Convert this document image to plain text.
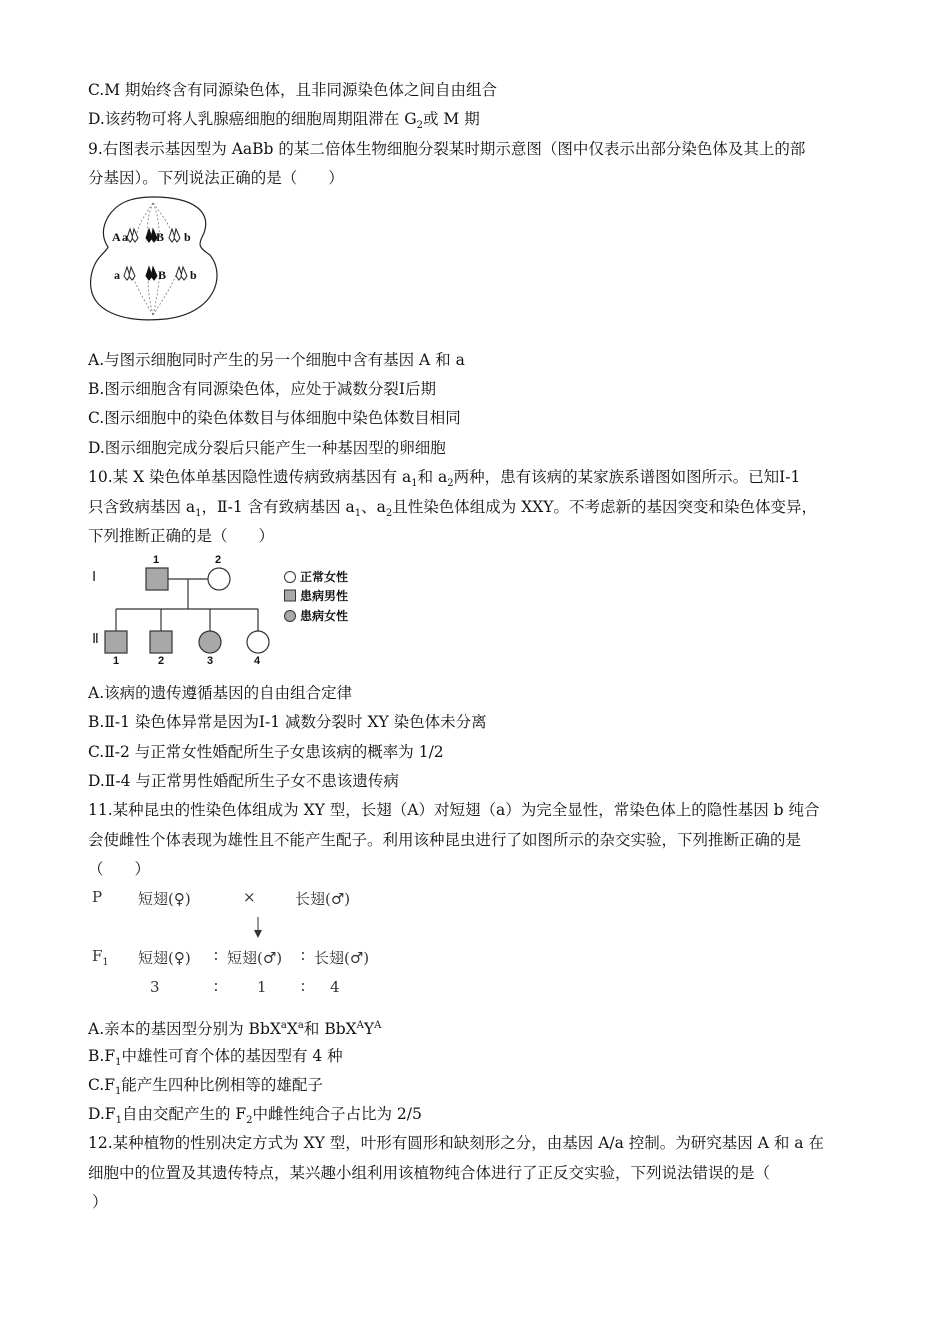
C.M 期始终含有同源染色体，且非同源染色体之间自由组合
D.该药物可将人乳腺癌细胞的细胞周期阻滞在 $G_2$或 M 期
9.右图表示基因型为 AaBb 的某二倍体生物细胞分裂某时期示意图（图中仅表示出部分染色体及其上的部
分基因）。下列说法正确的是（　　）
A a B b
a	B b
A.与图示细胞同时产生的另一个细胞中含有基因 A 和 a
B.图示细胞含有同源染色体，应处于减数分裂Ⅰ后期
C.图示细胞中的染色体数目与体细胞中染色体数目相同
D.图示细胞完成分裂后只能产生一种基因型的卵细胞
10.某 X 染色体单基因隐性遗传病致病基因有 $a_1$和 $a_2$两种，患有该病的某家族系谱图如图所示。已知Ⅰ-1
只含致病基因 $a_1$，Ⅱ-1 含有致病基因 $a_1$、$a_2$且性染色体组成为 XXY。不考虑新的基因突变和染色体变异，
下列推断正确的是（　　）
Ⅰ
Ⅱ
1	2
1	2	3	4
正常女性
患病男性
患病女性
A.该病的遗传遵循基因的自由组合定律
B.Ⅱ-1 染色体异常是因为Ⅰ-1 减数分裂时 XY 染色体未分离
C.Ⅱ-2 与正常女性婚配所生子女患该病的概率为 1/2
D.Ⅱ-4 与正常男性婚配所生子女不患该遗传病
11.某种昆虫的性染色体组成为 XY 型，长翅（A）对短翅（a）为完全显性，常染色体上的隐性基因 b 纯合
会使雌性个体表现为雄性且不能产生配子。利用该种昆虫进行了如图所示的杂交实验，下列推断正确的是
（　　）
P 短翅(♀)	×	长翅(♂)
$F_1$ 短翅(♀) ∶ 短翅(♂) ∶ 长翅(♂)
3	∶	1 ∶ 4
A.亲本的基因型分别为 $BbX^aX^a$和 $BbX^AY^A$
$B.F_1$中雄性可育个体的基因型有 4 种
$C.F_1$能产生四种比例相等的雄配子
$D.F_1$自由交配产生的 $F_2$中雌性纯合子占比为 2/5
12.某种植物的性别决定方式为 XY 型，叶形有圆形和缺刻形之分，由基因 A/a 控制。为研究基因 A 和 a 在
细胞中的位置及其遗传特点，某兴趣小组利用该植物纯合体进行了正反交实验，下列说法错误的是（
）
